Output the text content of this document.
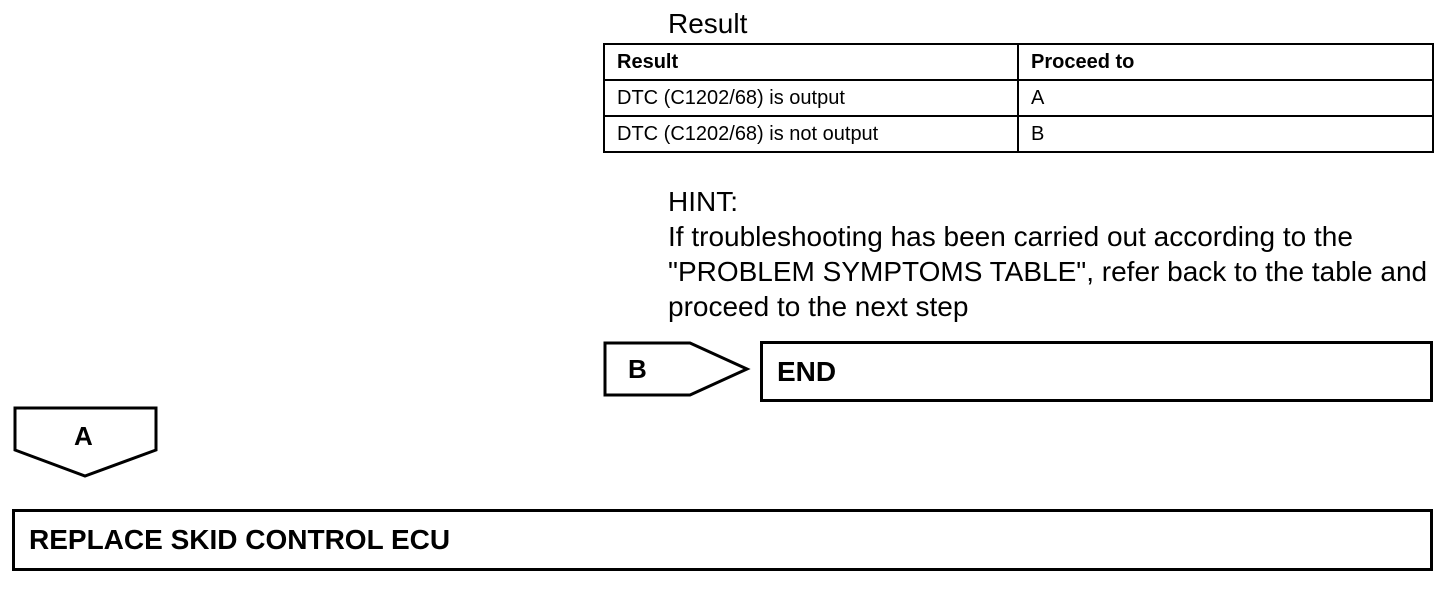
Result
Result	Proceed to
DTC (C1202/68) is output	A
DTC (C1202/68) is not output	B
HINT:
If troubleshooting has been carried out according to the "PROBLEM SYMPTOMS TABLE", refer back to the table and proceed to the next step
B
A
END
REPLACE SKID CONTROL ECU
